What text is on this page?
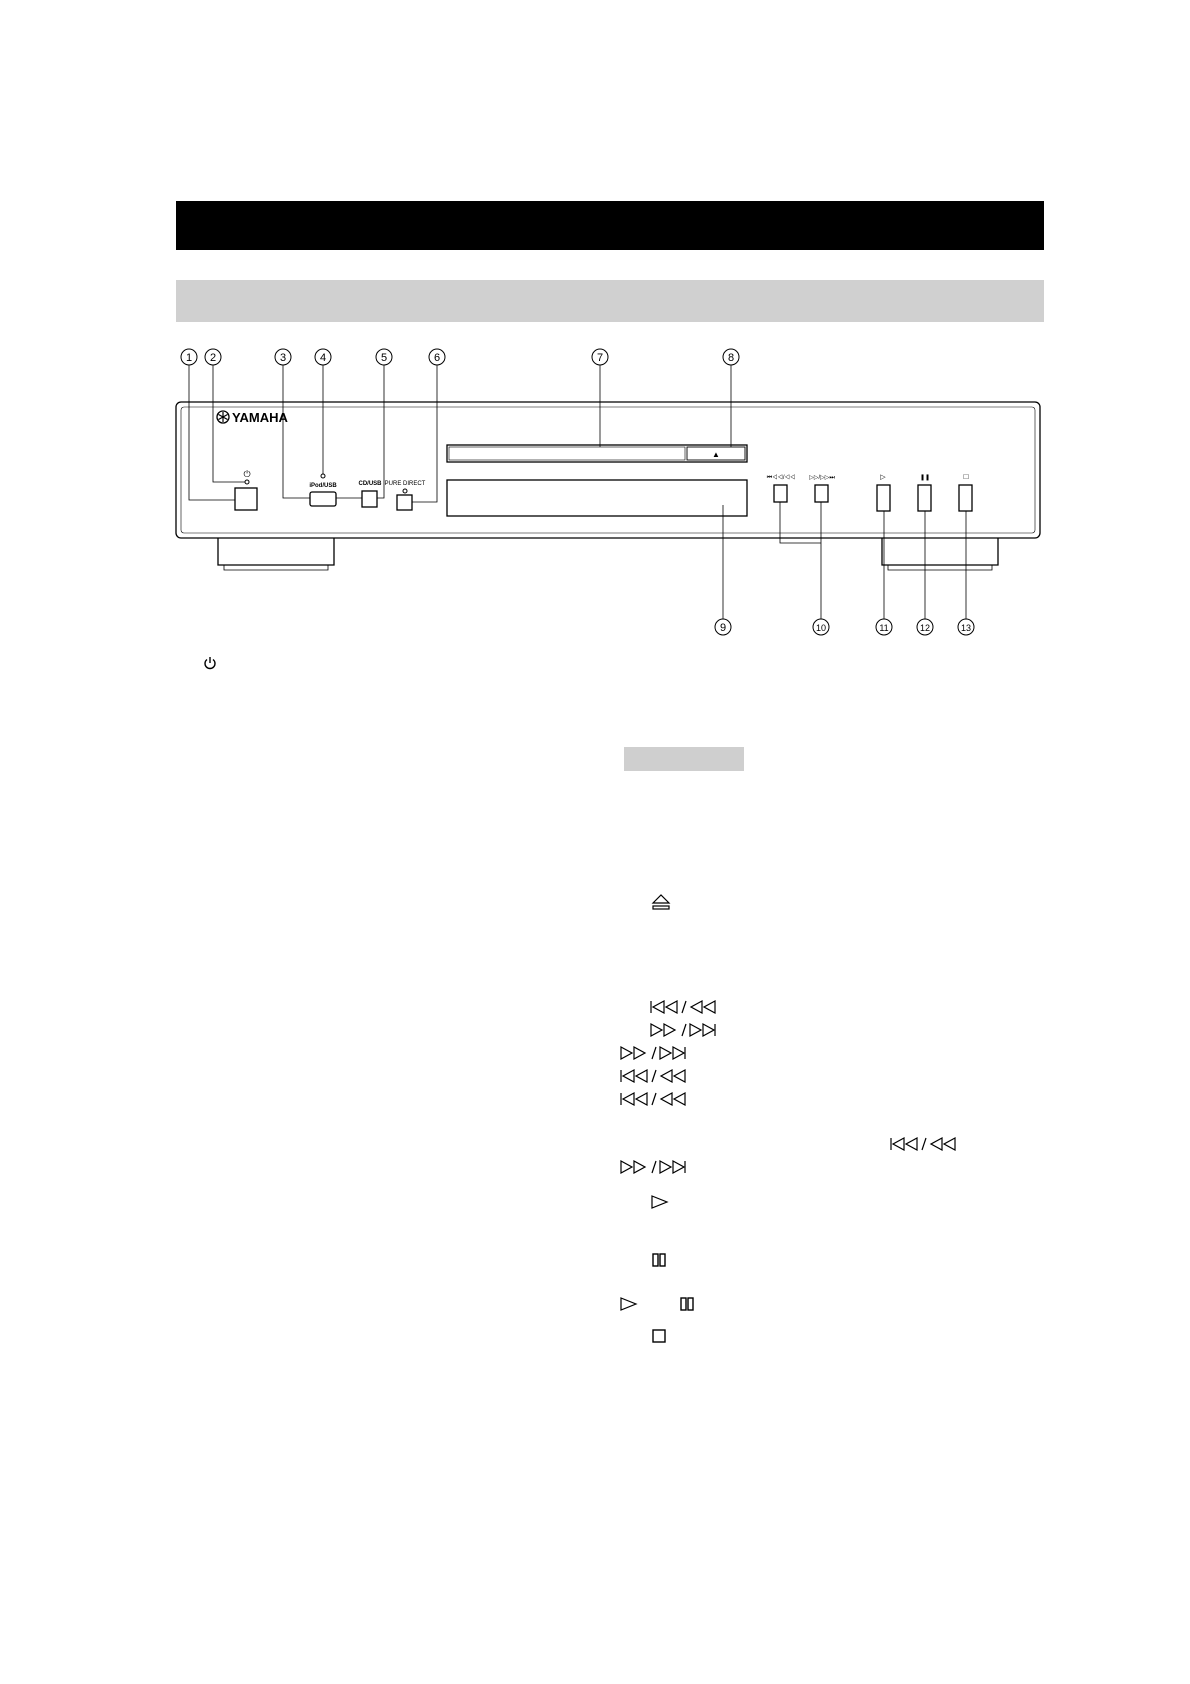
1 2	3	4	5	6	7	8
9	10	11	12	13
YAMAHA
⏻
iPod/USB	CD/USB PURE DIRECT
▲
⏮◁◁/◁◁ ▷▷/▷▷⏭	▷	❚❚	□
